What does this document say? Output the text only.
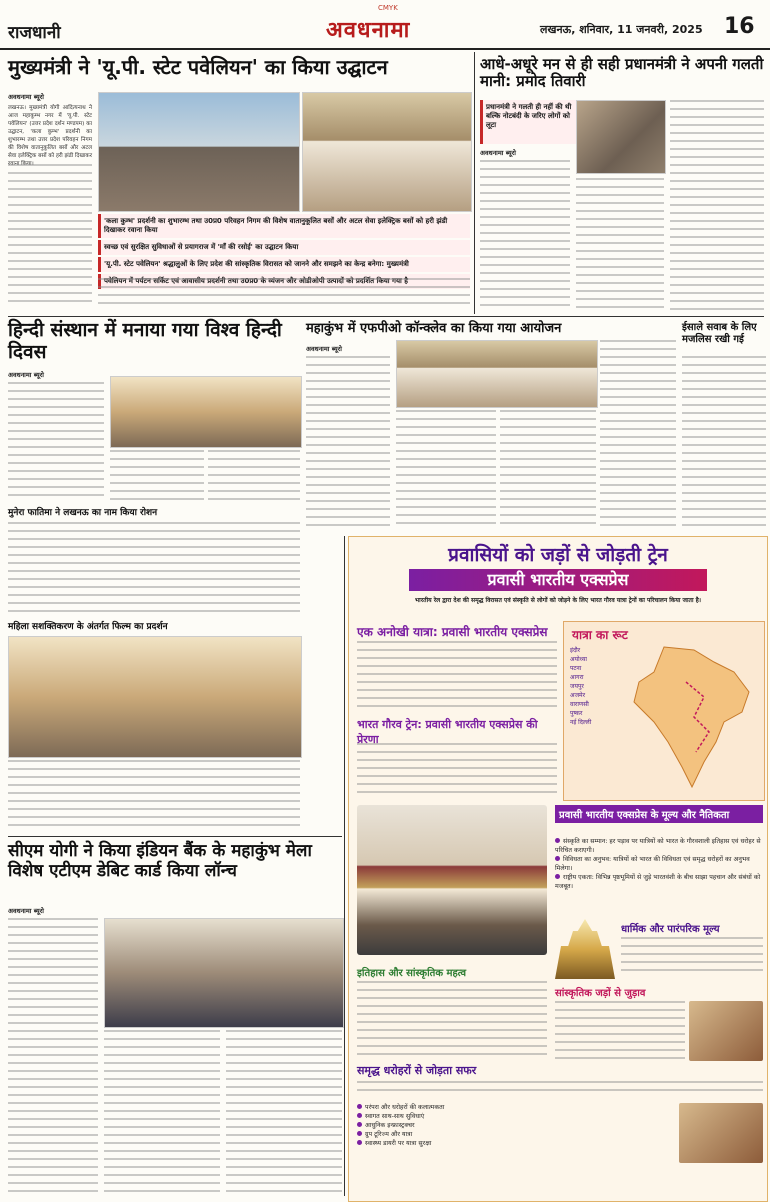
राजधानी
CMYK
अवधनामा	लखनऊ, शनिवार, 11 जनवरी, 2025 16
मुख्यमंत्री ने 'यू.पी. स्टेट पवेलियन' का किया उद्घाटन
अवधनामा ब्यूरो
लखनऊ। मुख्यमंत्री योगी आदित्यनाथ ने आज महाकुम्भ नगर में 'यू.पी. स्टेट पवेलियन' (उत्तर प्रदेश दर्शन मण्डपम) का उद्घाटन, 'कला कुम्भ' प्रदर्शनी का शुभारम्भ तथा उत्तर प्रदेश परिवहन निगम की विशेष वातानुकूलित बसों और अटल सेवा इलेक्ट्रिक बसों को हरी झंडी दिखाकर रवाना किया।
'कला कुम्भ' प्रदर्शनी का शुभारम्भ तथा उ0प्र0 परिवहन निगम की विशेष वातानुकूलित बसों और अटल सेवा इलेक्ट्रिक बसों को हरी झंडी दिखाकर रवाना किया
स्वच्छ एवं सुरक्षित सुविधाओं से प्रयागराज में 'माँ की रसोई' का उद्घाटन किया
'यू.पी. स्टेट पवेलियन' श्रद्धालुओं के लिए प्रदेश की सांस्कृतिक विरासत को जानने और समझने का केन्द्र बनेगा: मुख्यमंत्री
पवेलियन में पर्यटन सर्किट एवं आवासीय प्रदर्शनी तथा उ0प्र0 के व्यंजन और ओडीओपी उत्पादों को प्रदर्शित किया गया है
आधे-अधूरे मन से ही सही प्रधानमंत्री ने अपनी गलती मानी: प्रमोद तिवारी
प्रधानमंत्री ने गलती ही नहीं की थी बल्कि नोटबंदी के जरिए लोगों को लूटा
अवधनामा ब्यूरो
हिन्दी संस्थान में मनाया गया विश्व हिन्दी दिवस
अवधनामा ब्यूरो
महाकुंभ में एफपीओ कॉन्क्लेव का किया गया आयोजन
अवधनामा ब्यूरो
ईसाले सवाब के लिए मजलिस रखी गई
मुनेरा फातिमा ने लखनऊ का नाम किया रोशन
महिला सशक्तिकरण के अंतर्गत फिल्म का प्रदर्शन
सीएम योगी ने किया इंडियन बैंक के महाकुंभ मेला विशेष एटीएम डेबिट कार्ड किया लॉन्च
अवधनामा ब्यूरो
प्रवासियों को जड़ों से जोड़ती ट्रेन
प्रवासी भारतीय एक्सप्रेस
भारतीय रेल द्वारा देश की समृद्ध विरासत एवं संस्कृति से लोगों को जोड़ने के लिए भारत गौरव यात्रा ट्रेनों का परिचालन किया जाता है।
एक अनोखी यात्रा: प्रवासी भारतीय एक्सप्रेस	यात्रा का रूट
इंदौर
अयोध्या
पटना
आगरा
जयपुर
अजमेर
वाराणसी
पुष्कर
नई दिल्ली
भारत गौरव ट्रेन: प्रवासी भारतीय एक्सप्रेस की प्रेरणा
प्रवासी भारतीय एक्सप्रेस के मूल्य और नैतिकता
संस्कृति का सम्मान: हर पड़ाव पर यात्रियों को भारत के गौरवशाली इतिहास एवं धरोहर से परिचित कराएगी।
विविधता का अनुभव: यात्रियों को भारत की विविधता एवं समृद्ध धरोहरों का अनुभव मिलेगा।
राष्ट्रीय एकता: विभिन्न पृष्ठभूमियों से जुड़े भारतवंशी के बीच साझा पहचान और संबंधों को मजबूत।
धार्मिक और पारंपरिक मूल्य
इतिहास और सांस्कृतिक महत्व
सांस्कृतिक जड़ों से जुड़ाव
समृद्ध धरोहरों से जोड़ता सफर
परंपरा और धरोहरों की कलात्मकता
स्वागत साथ-साथ सुविधाएं
आधुनिक इन्फ्रास्ट्रक्चर
ग्रुप टूरिज्म और यात्रा
स्वास्थ्य डायरी पर यात्रा सुरक्षा
